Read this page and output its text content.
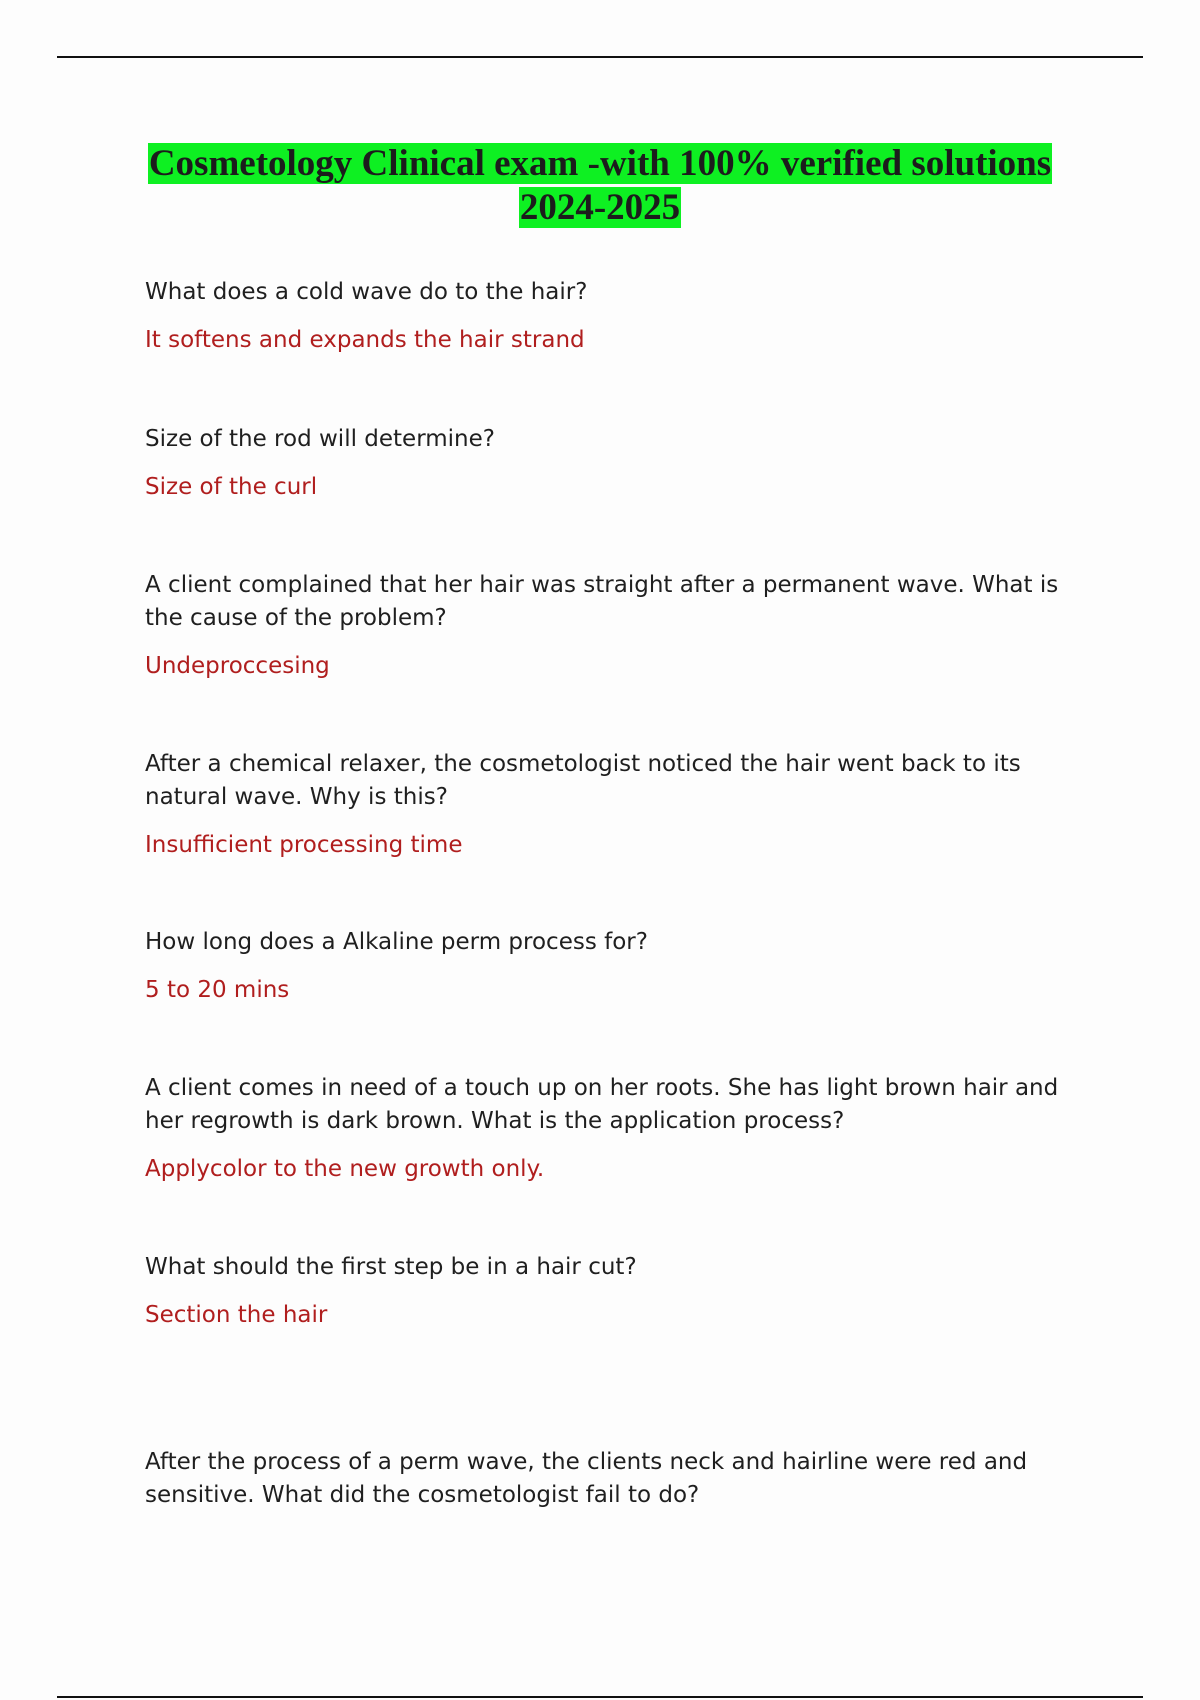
Cosmetology Clinical exam -with 100% verified solutions
2024-2025

What does a cold wave do to the hair?

It softens and expands the hair strand

Size of the rod will determine?

Size of the curl

A client complained that her hair was straight after a permanent wave. What is the cause of the problem?

Undeproccesing

After a chemical relaxer, the cosmetologist noticed the hair went back to its natural wave. Why is this?

Insufficient processing time

How long does a Alkaline perm process for?

5 to 20 mins

A client comes in need of a touch up on her roots. She has light brown hair and her regrowth is dark brown. What is the application process?

Applycolor to the new growth only.

What should the first step be in a hair cut?

Section the hair

After the process of a perm wave, the clients neck and hairline were red and sensitive. What did the cosmetologist fail to do?
